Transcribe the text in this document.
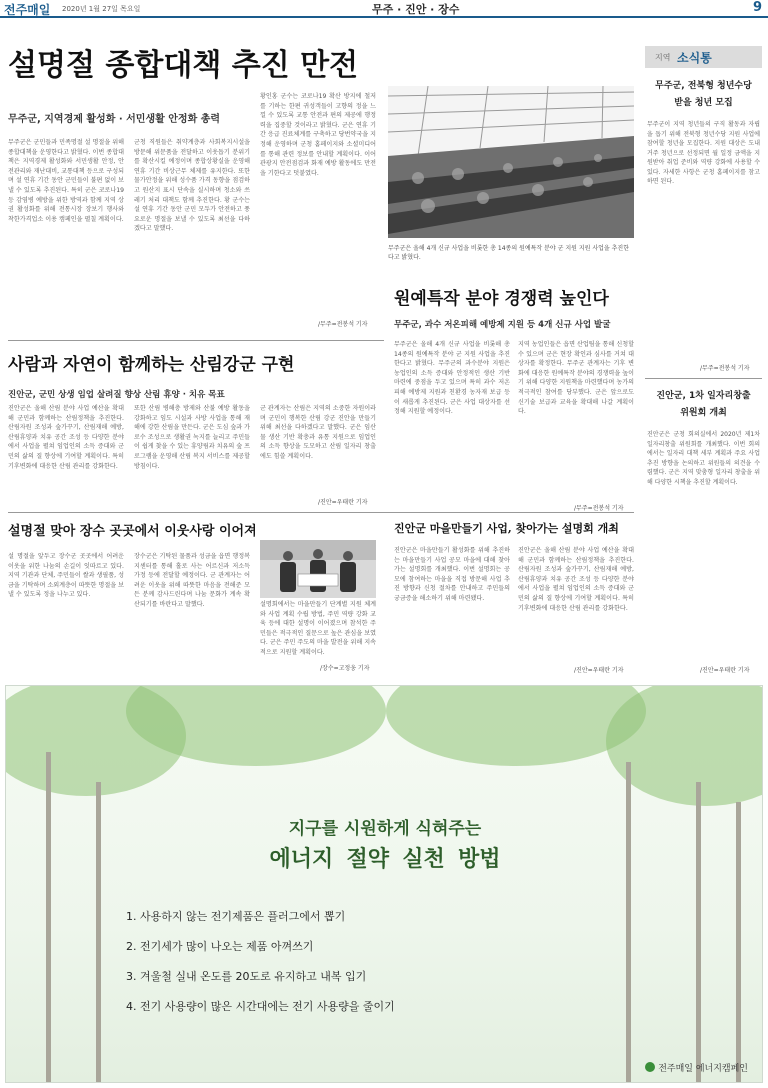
전주매일 2020년 1월 27일 목요일	무주 · 진안 · 장수	9
설명절 종합대책 추진 만전
무주군, 지역경제 활성화 · 서민생활 안정화 총력
무주군은 군민들과 민족명절 설 명절을 위해 종합대책을 운영한다고 밝혔다. 이번 종합대책은 지역경제 활성화와 서민생활 안정, 안전관리와 재난대비, 교통대책 등으로 구성되며 설 연휴 기간 동안 군민들이 불편 없이 보낼 수 있도록 추진된다. 특히 군은 코로나19 등 감염병 예방을 위한 방역과 함께 지역 상권 활성화를 위해 전통시장 장보기 행사와 착한가격업소 이용 캠페인을 펼칠 계획이다.
군청 직원들은 취약계층과 사회복지시설을 방문해 위문품을 전달하고 이웃돕기 분위기를 확산시킬 예정이며 종합상황실을 운영해 연휴 기간 비상근무 체제를 유지한다. 또한 물가안정을 위해 성수품 가격 동향을 점검하고 원산지 표시 단속을 실시하며 청소와 쓰레기 처리 대책도 함께 추진한다. 황 군수는 설 연휴 기간 동안 군민 모두가 안전하고 풍요로운 명절을 보낼 수 있도록 최선을 다하겠다고 말했다.
황인홍 군수는 코로나19 확산 방지에 철저를 기하는 한편 귀성객들이 고향의 정을 느낄 수 있도록 교통 안전과 편의 제공에 행정력을 집중할 것이라고 밝혔다. 군은 연휴 기간 응급 진료체계를 구축하고 당번약국을 지정해 운영하며 군청 홈페이지와 소셜미디어를 통해 관련 정보를 안내할 계획이다. 이어 관광지 안전점검과 화재 예방 활동에도 만전을 기한다고 덧붙였다.
/무주=전봉석 기자
무주군은 올해 4개 신규 사업을 비롯한 총 14종의 원예특작 분야 군 지원 지원 사업을 추진한다고 밝혔다.
원예특작 분야 경쟁력 높인다
무주군, 과수 저온피해 예방제 지원 등 4개 신규 사업 발굴
무주군은 올해 4개 신규 사업을 비롯해 총 14종의 원예특작 분야 군 지원 사업을 추진한다고 밝혔다. 무주군의 과수분야 지원은 농업인의 소득 증대와 안정적인 생산 기반 마련에 중점을 두고 있으며 특히 과수 저온피해 예방제 지원과 친환경 농자재 보급 등이 새롭게 추진된다. 군은 사업 대상자를 선정해 지원할 예정이다.
지역 농업인들은 읍면 산업팀을 통해 신청할 수 있으며 군은 현장 확인과 심사를 거쳐 대상자를 확정한다. 무주군 관계자는 기후 변화에 대응한 원예특작 분야의 경쟁력을 높이기 위해 다양한 지원책을 마련했다며 농가의 적극적인 참여를 당부했다. 군은 앞으로도 신기술 보급과 교육을 확대해 나갈 계획이다.
/무주=전봉석 기자
사람과 자연이 함께하는 산림강군 구현
진안군, 군민 상생 임업 살려질 향상 산림 휴양 · 치유 목표
진안군은 올해 산림 분야 사업 예산을 확대해 군민과 함께하는 산림정책을 추진한다. 산림자원 조성과 숲가꾸기, 산림재해 예방, 산림휴양과 치유 공간 조성 등 다양한 분야에서 사업을 펼쳐 임업인의 소득 증대와 군민의 삶의 질 향상에 기여할 계획이다. 특히 기후변화에 대응한 산림 관리를 강화한다.
또한 산림 병해충 방제와 산불 예방 활동을 강화하고 임도 시설과 사방 사업을 통해 재해에 강한 산림을 만든다. 군은 도심 숲과 가로수 조성으로 생활권 녹지를 늘리고 주민들이 쉽게 찾을 수 있는 휴양림과 치유의 숲 프로그램을 운영해 산림 복지 서비스를 제공할 방침이다.
군 관계자는 산림은 지역의 소중한 자원이라며 군민이 행복한 산림 강군 진안을 만들기 위해 최선을 다하겠다고 말했다. 군은 임산물 생산 기반 확충과 유통 지원으로 임업인의 소득 향상을 도모하고 산림 일자리 창출에도 힘쓸 계획이다.
/진안=우태란 기자
설명절 맞아 장수 곳곳에서 이웃사랑 이어져
설 명절을 앞두고 장수군 곳곳에서 어려운 이웃을 위한 나눔의 손길이 잇따르고 있다. 지역 기관과 단체, 주민들이 쌀과 생필품, 성금을 기탁하며 소외계층이 따뜻한 명절을 보낼 수 있도록 정을 나누고 있다.
장수군은 기탁된 물품과 성금을 읍면 행정복지센터를 통해 홀로 사는 어르신과 저소득 가정 등에 전달할 예정이다. 군 관계자는 어려운 이웃을 위해 따뜻한 마음을 전해준 모든 분께 감사드린다며 나눔 문화가 계속 확산되기를 바란다고 말했다.	설명회에서는 마을만들기 단계별 지원 체계와 사업 계획 수립 방법, 주민 역량 강화 교육 등에 대한 설명이 이어졌으며 참석한 주민들은 적극적인 질문으로 높은 관심을 보였다. 군은 주민 주도의 마을 발전을 위해 지속적으로 지원할 계획이다.
/장수=고정웅 기자
진안군 마을만들기 사업, 찾아가는 설명회 개최
진안군은 마을만들기 활성화를 위해 추진하는 마을만들기 사업 공모 마을에 대해 찾아가는 설명회를 개최했다. 이번 설명회는 공모에 참여하는 마을을 직접 방문해 사업 추진 방향과 신청 절차를 안내하고 주민들의 궁금증을 해소하기 위해 마련됐다.
진안군은 올해 산림 분야 사업 예산을 확대해 군민과 함께하는 산림정책을 추진한다. 산림자원 조성과 숲가꾸기, 산림재해 예방, 산림휴양과 치유 공간 조성 등 다양한 분야에서 사업을 펼쳐 임업인의 소득 증대와 군민의 삶의 질 향상에 기여할 계획이다. 특히 기후변화에 대응한 산림 관리를 강화한다.
/진안=우태란 기자
지역 소식통
무주군, 전북형 청년수당
받을 청년 모집
무주군이 지역 청년들의 구직 활동과 자립을 돕기 위해 전북형 청년수당 지원 사업에 참여할 청년을 모집한다. 지원 대상은 도내 거주 청년으로 선정되면 월 일정 금액을 지원받아 취업 준비와 역량 강화에 사용할 수 있다. 자세한 사항은 군청 홈페이지를 참고하면 된다.
/무주=전봉석 기자
진안군, 1차 일자리창출
위원회 개최
진안군은 군청 회의실에서 2020년 제1차 일자리창출 위원회를 개최했다. 이번 회의에서는 일자리 대책 세부 계획과 주요 사업 추진 방향을 논의하고 위원들의 의견을 수렴했다. 군은 지역 맞춤형 일자리 창출을 위해 다양한 시책을 추진할 계획이다.
/진안=우태란 기자
지구를 시원하게 식혀주는
에너지 절약 실천 방법
1. 사용하지 않는 전기제품은 플러그에서 뽑기
2. 전기세가 많이 나오는 제품 아껴쓰기
3. 겨울철 실내 온도를 20도로 유지하고 내복 입기
4. 전기 사용량이 많은 시간대에는 전기 사용량을 줄이기
전주매일 에너지캠페인
